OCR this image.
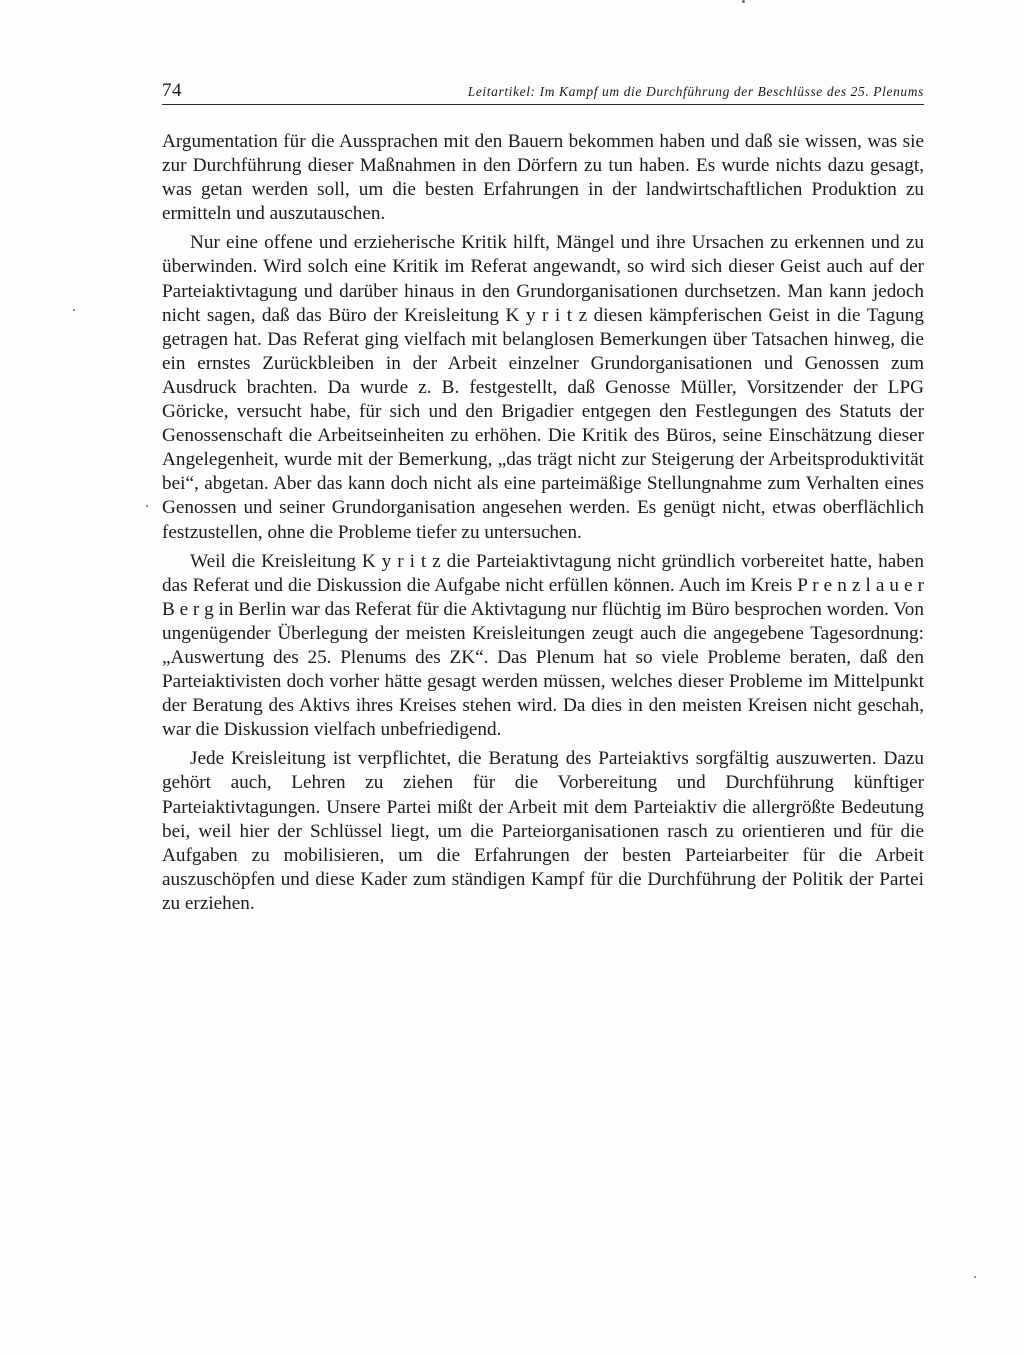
74	Leitartikel: Im Kampf um die Durchführung der Beschlüsse des 25. Plenums

Argumentation für die Aussprachen mit den Bauern bekommen haben und daß sie wissen, was sie zur Durchführung dieser Maßnahmen in den Dörfern zu tun haben. Es wurde nichts dazu gesagt, was getan werden soll, um die besten Erfahrungen in der landwirtschaftlichen Produktion zu ermitteln und auszutauschen.

Nur eine offene und erzieherische Kritik hilft, Mängel und ihre Ursachen zu erkennen und zu überwinden. Wird solch eine Kritik im Referat angewandt, so wird sich dieser Geist auch auf der Parteiaktivtagung und darüber hinaus in den Grundorganisationen durchsetzen. Man kann jedoch nicht sagen, daß das Büro der Kreisleitung K y r i t z diesen kämpferischen Geist in die Tagung getragen hat. Das Referat ging vielfach mit belanglosen Bemerkungen über Tatsachen hinweg, die ein ernstes Zurückbleiben in der Arbeit einzelner Grundorganisationen und Genossen zum Ausdruck brachten. Da wurde z. B. festgestellt, daß Genosse Müller, Vorsitzender der LPG Göricke, versucht habe, für sich und den Brigadier entgegen den Festlegungen des Statuts der Genossenschaft die Arbeitseinheiten zu erhöhen. Die Kritik des Büros, seine Einschätzung dieser Angelegenheit, wurde mit der Bemerkung, „das trägt nicht zur Steigerung der Arbeitsproduktivität bei“, abgetan. Aber das kann doch nicht als eine parteimäßige Stellungnahme zum Verhalten eines Genossen und seiner Grundorganisation angesehen werden. Es genügt nicht, etwas oberflächlich festzustellen, ohne die Probleme tiefer zu untersuchen.

Weil die Kreisleitung K y r i t z die Parteiaktivtagung nicht gründlich vorbereitet hatte, haben das Referat und die Diskussion die Aufgabe nicht erfüllen können. Auch im Kreis P r e n z l a u e r B e r g in Berlin war das Referat für die Aktivtagung nur flüchtig im Büro besprochen worden. Von ungenügender Überlegung der meisten Kreisleitungen zeugt auch die angegebene Tagesordnung: „Auswertung des 25. Plenums des ZK“. Das Plenum hat so viele Probleme beraten, daß den Parteiaktivisten doch vorher hätte gesagt werden müssen, welches dieser Probleme im Mittelpunkt der Beratung des Aktivs ihres Kreises stehen wird. Da dies in den meisten Kreisen nicht geschah, war die Diskussion vielfach unbefriedigend.

Jede Kreisleitung ist verpflichtet, die Beratung des Parteiaktivs sorgfältig auszuwerten. Dazu gehört auch, Lehren zu ziehen für die Vorbereitung und Durchführung künftiger Parteiaktivtagungen. Unsere Partei mißt der Arbeit mit dem Parteiaktiv die allergrößte Bedeutung bei, weil hier der Schlüssel liegt, um die Parteiorganisationen rasch zu orientieren und für die Aufgaben zu mobilisieren, um die Erfahrungen der besten Parteiarbeiter für die Arbeit auszuschöpfen und diese Kader zum ständigen Kampf für die Durchführung der Politik der Partei zu erziehen.
